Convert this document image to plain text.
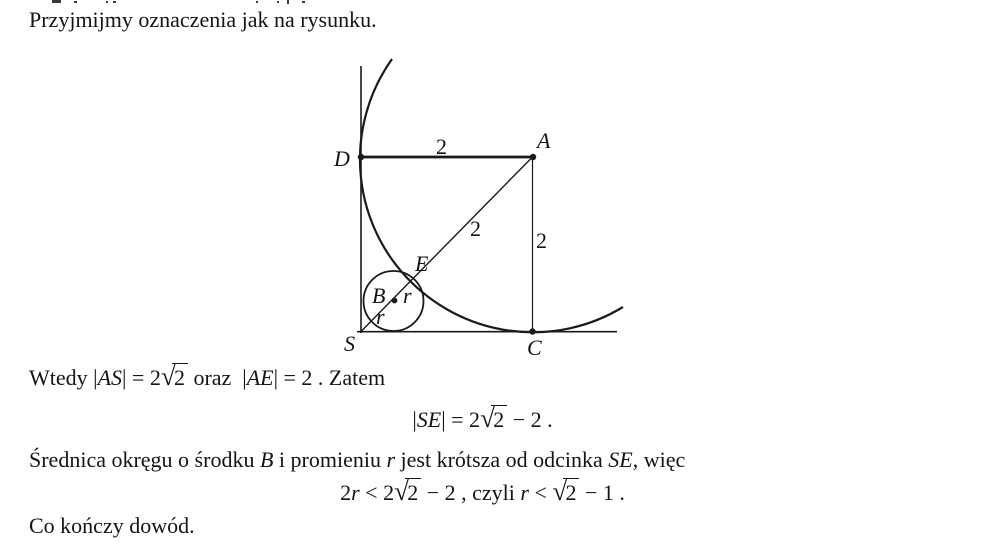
Przyjmijmy oznaczenia jak na rysunku.

D
A
E
B
S	C
2
2	2
r
r

Wtedy |AS| = 2√2 oraz  |AE| = 2 . Zatem

|SE| = 2√2 − 2 .

Średnica okręgu o środku B i promieniu r jest krótsza od odcinka SE, więc

2r < 2√2 − 2 , czyli r < √2 − 1 .

Co kończy dowód.
